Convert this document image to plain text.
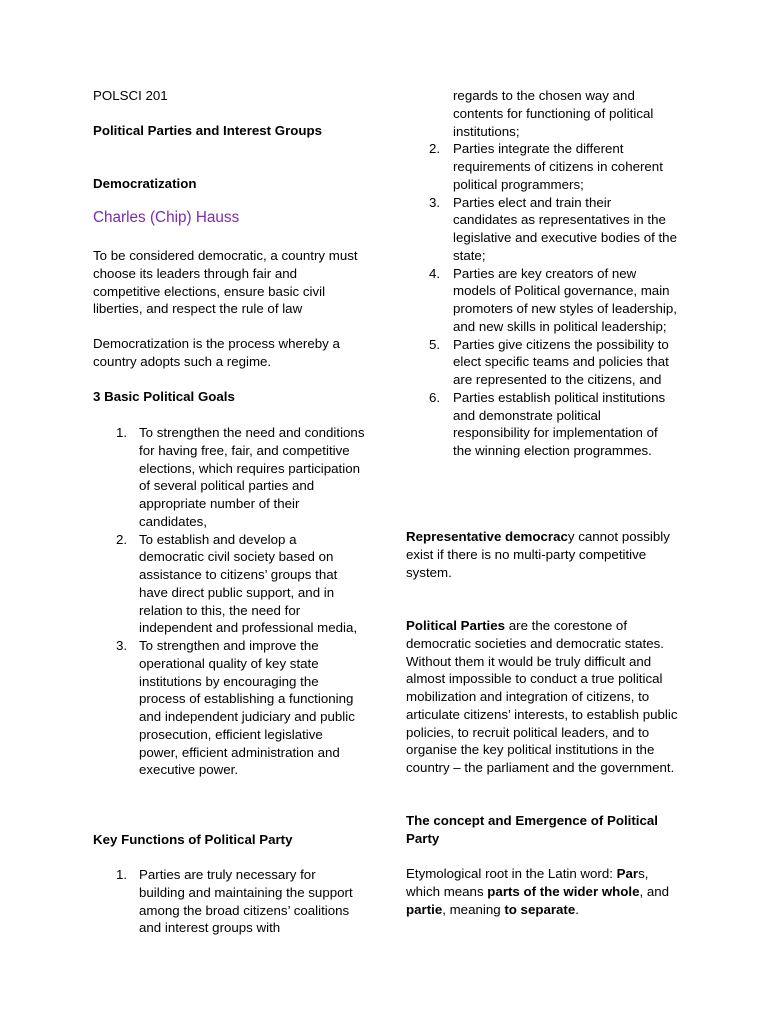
POLSCI 201

Political Parties and Interest Groups

Democratization

Charles (Chip) Hauss

To be considered democratic, a country must choose its leaders through fair and competitive elections, ensure basic civil liberties, and respect the rule of law

Democratization is the process whereby a country adopts such a regime.

3 Basic Political Goals

1. To strengthen the need and conditions for having free, fair, and competitive elections, which requires participation of several political parties and appropriate number of their candidates,
2. To establish and develop a democratic civil society based on assistance to citizens’ groups that have direct public support, and in relation to this, the need for independent and professional media,
3. To strengthen and improve the operational quality of key state institutions by encouraging the process of establishing a functioning and independent judiciary and public prosecution, efficient legislative power, efficient administration and executive power.

Key Functions of Political Party

1. Parties are truly necessary for building and maintaining the support among the broad citizens’ coalitions and interest groups with
regards to the chosen way and contents for functioning of political institutions;
2. Parties integrate the different requirements of citizens in coherent political programmers;
3. Parties elect and train their candidates as representatives in the legislative and executive bodies of the state;
4. Parties are key creators of new models of Political governance, main promoters of new styles of leadership, and new skills in political leadership;
5. Parties give citizens the possibility to elect specific teams and policies that are represented to the citizens, and
6. Parties establish political institutions and demonstrate political responsibility for implementation of the winning election programmes.

Representative democracy cannot possibly exist if there is no multi-party competitive system.

Political Parties are the corestone of democratic societies and democratic states. Without them it would be truly difficult and almost impossible to conduct a true political mobilization and integration of citizens, to articulate citizens’ interests, to establish public policies, to recruit political leaders, and to organise the key political institutions in the country – the parliament and the government.

The concept and Emergence of Political Party

Etymological root in the Latin word: Pars, which means parts of the wider whole, and partie, meaning to separate.
